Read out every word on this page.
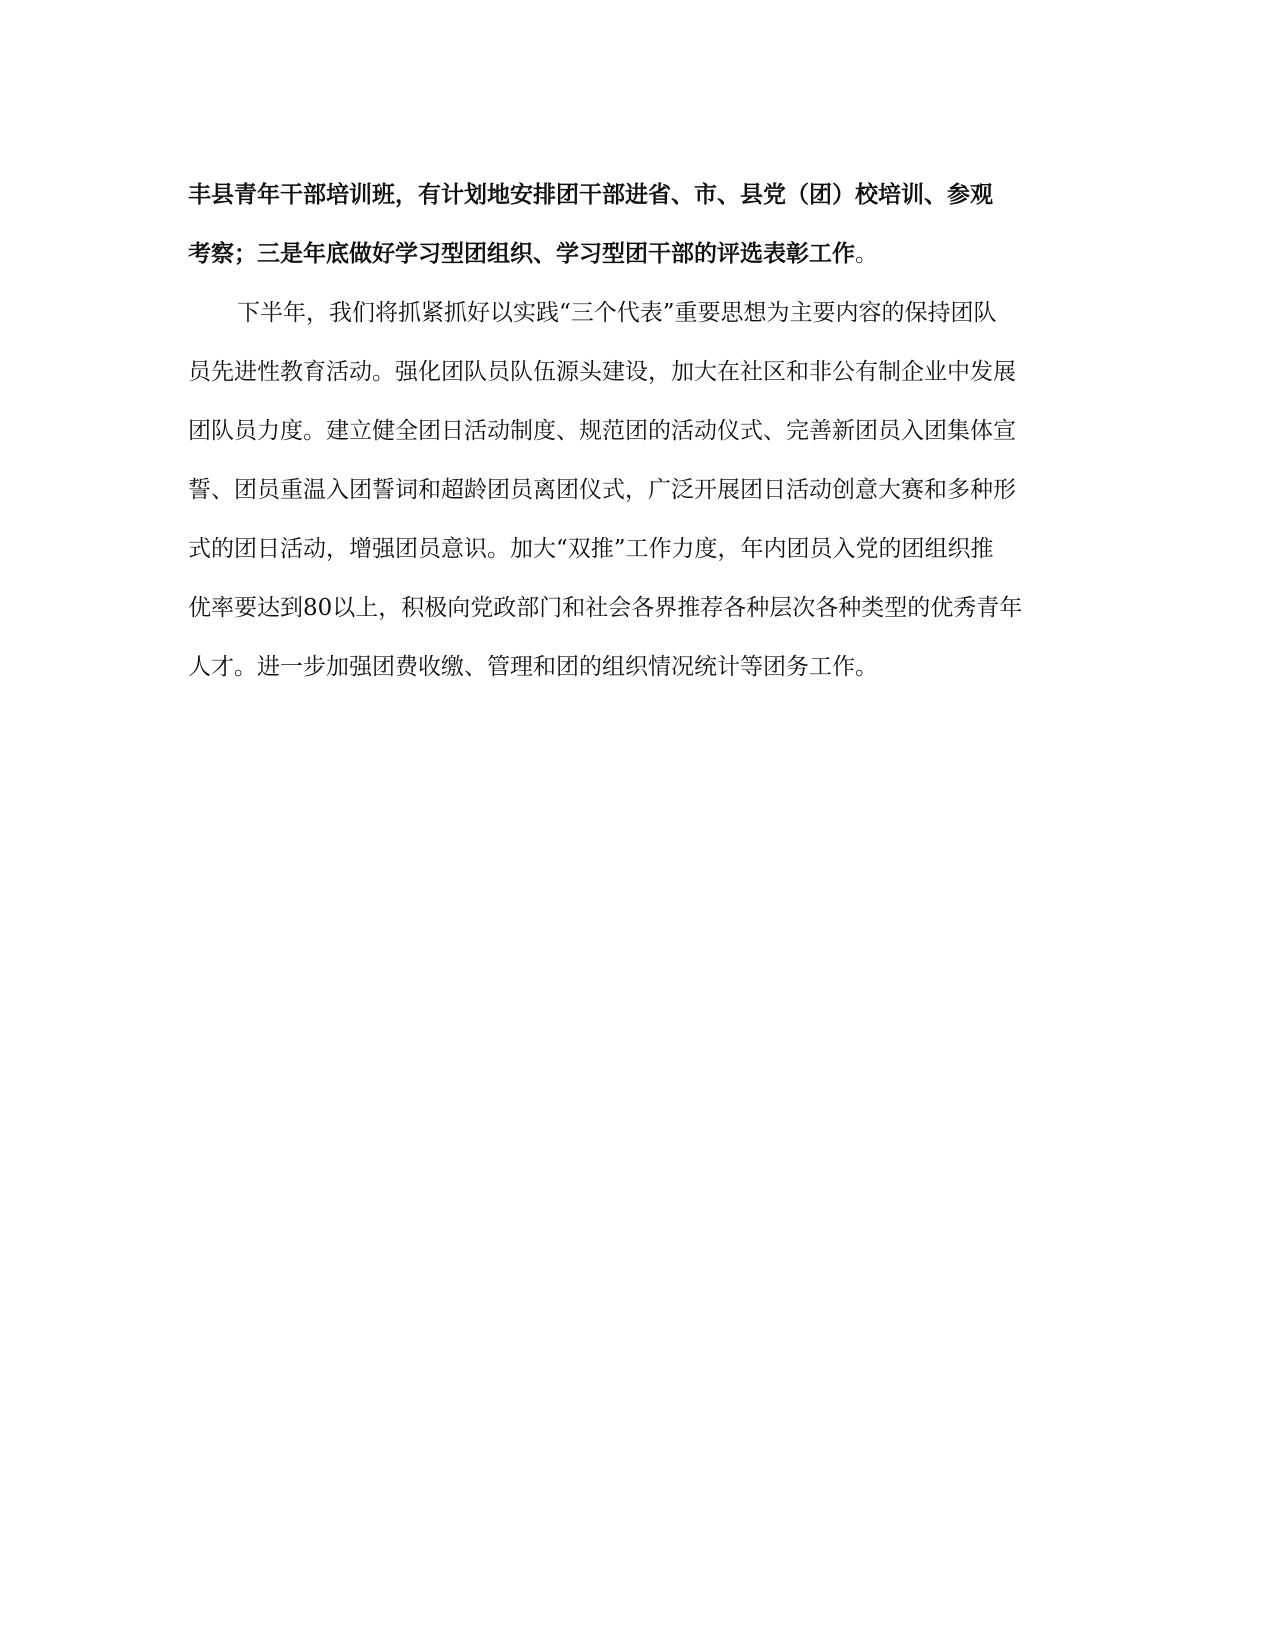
丰县青年干部培训班，有计划地安排团干部进省、市、县党（团）校培训、参观
考察；三是年底做好学习型团组织、学习型团干部的评选表彰工作。
下半年，我们将抓紧抓好以实践“三个代表”重要思想为主要内容的保持团队
员先进性教育活动。强化团队员队伍源头建设，加大在社区和非公有制企业中发展
团队员力度。建立健全团日活动制度、规范团的活动仪式、完善新团员入团集体宣
誓、团员重温入团誓词和超龄团员离团仪式，广泛开展团日活动创意大赛和多种形
式的团日活动，增强团员意识。加大“双推”工作力度，年内团员入党的团组织推
优率要达到80以上，积极向党政部门和社会各界推荐各种层次各种类型的优秀青年
人才。进一步加强团费收缴、管理和团的组织情况统计等团务工作。
